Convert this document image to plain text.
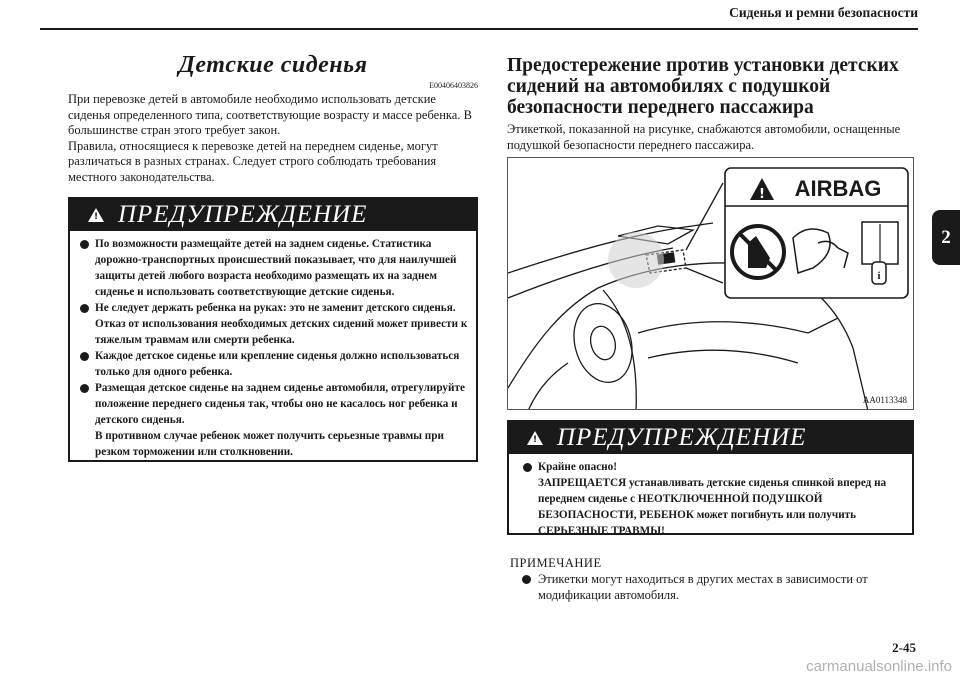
Сиденья и ремни безопасности
2
Детские сиденья
E00406403826
При перевозке детей в автомобиле необходимо использовать детские сиденья определенного типа, соответствующие возрасту и массе ребенка. В большинстве стран этого требует закон.
Правила, относящиеся к перевозке детей на переднем сиденье, могут различаться в разных странах. Следует строго соблюдать требования местного законодательства.
! ПРЕДУПРЕЖДЕНИЕ
По возможности размещайте детей на заднем сиденье. Статистика дорожно-транспортных происшествий показывает, что для наилучшей защиты детей любого возраста необходимо размещать их на заднем сиденье и использовать соответствующие детские сиденья.
Не следует держать ребенка на руках: это не заменит детского сиденья. Отказ от использования необходимых детских сидений может привести к тяжелым травмам или смерти ребенка.
Каждое детское сиденье или крепление сиденья должно использоваться только для одного ребенка.
Размещая детское сиденье на заднем сиденье автомобиля, отрегулируйте положение переднего сиденья так, чтобы оно не касалось ног ребенка и детского сиденья.
В противном случае ребенок может получить серьезные травмы при резком торможении или столкновении.
Предостережение против установки детских сидений на автомобилях с подушкой безопасности переднего пассажира
Этикеткой, показанной на рисунке, снабжаются автомобили, оснащенные подушкой безопасности переднего пассажира.
! AIRBAG
i
AA0113348
! ПРЕДУПРЕЖДЕНИЕ
Крайне опасно!
ЗАПРЕЩАЕТСЯ устанавливать детские сиденья спинкой вперед на переднем сиденье с НЕОТКЛЮЧЕННОЙ ПОДУШКОЙ БЕЗОПАСНОСТИ, РЕБЕНОК может погибнуть или получить СЕРЬЕЗНЫЕ ТРАВМЫ!
ПРИМЕЧАНИЕ
Этикетки могут находиться в других местах в зависимости от модификации автомобиля.
2-45
carmanualsonline.info
